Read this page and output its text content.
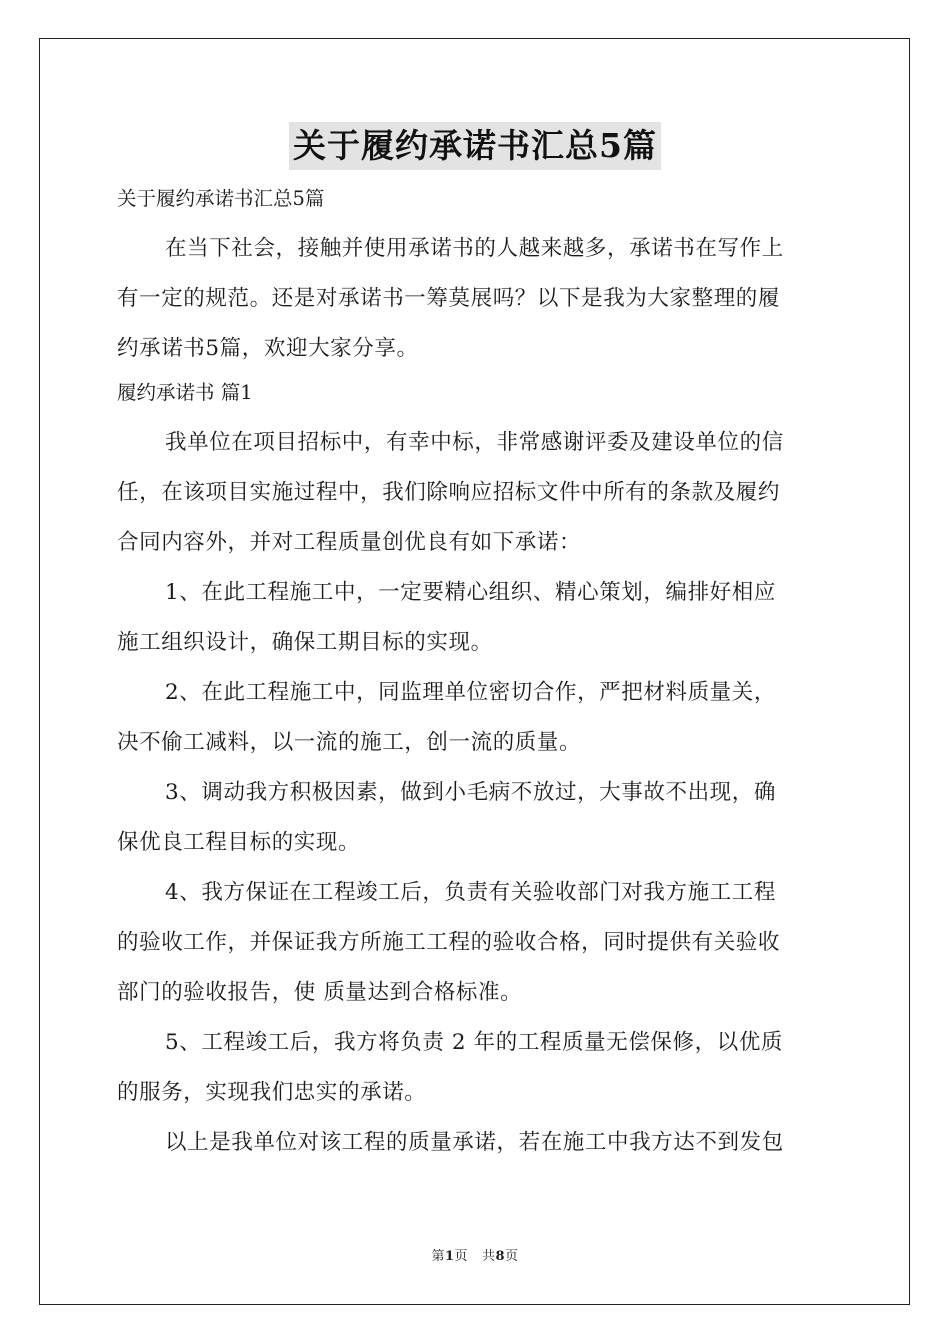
关于履约承诺书汇总5篇

关于履约承诺书汇总5篇

在当下社会，接触并使用承诺书的人越来越多，承诺书在写作上

有一定的规范。还是对承诺书一筹莫展吗？以下是我为大家整理的履

约承诺书5篇，欢迎大家分享。

履约承诺书 篇1

我单位在项目招标中，有幸中标，非常感谢评委及建设单位的信

任，在该项目实施过程中，我们除响应招标文件中所有的条款及履约

合同内容外，并对工程质量创优良有如下承诺：

1、在此工程施工中，一定要精心组织、精心策划，编排好相应

施工组织设计，确保工期目标的实现。

2、在此工程施工中，同监理单位密切合作，严把材料质量关，

决不偷工减料，以一流的施工，创一流的质量。

3、调动我方积极因素，做到小毛病不放过，大事故不出现，确

保优良工程目标的实现。

4、我方保证在工程竣工后，负责有关验收部门对我方施工工程

的验收工作，并保证我方所施工工程的验收合格，同时提供有关验收

部门的验收报告，使 质量达到合格标准。

5、工程竣工后，我方将负责 2 年的工程质量无偿保修，以优质

的服务，实现我们忠实的承诺。

以上是我单位对该工程的质量承诺，若在施工中我方达不到发包

第1页 共8页
